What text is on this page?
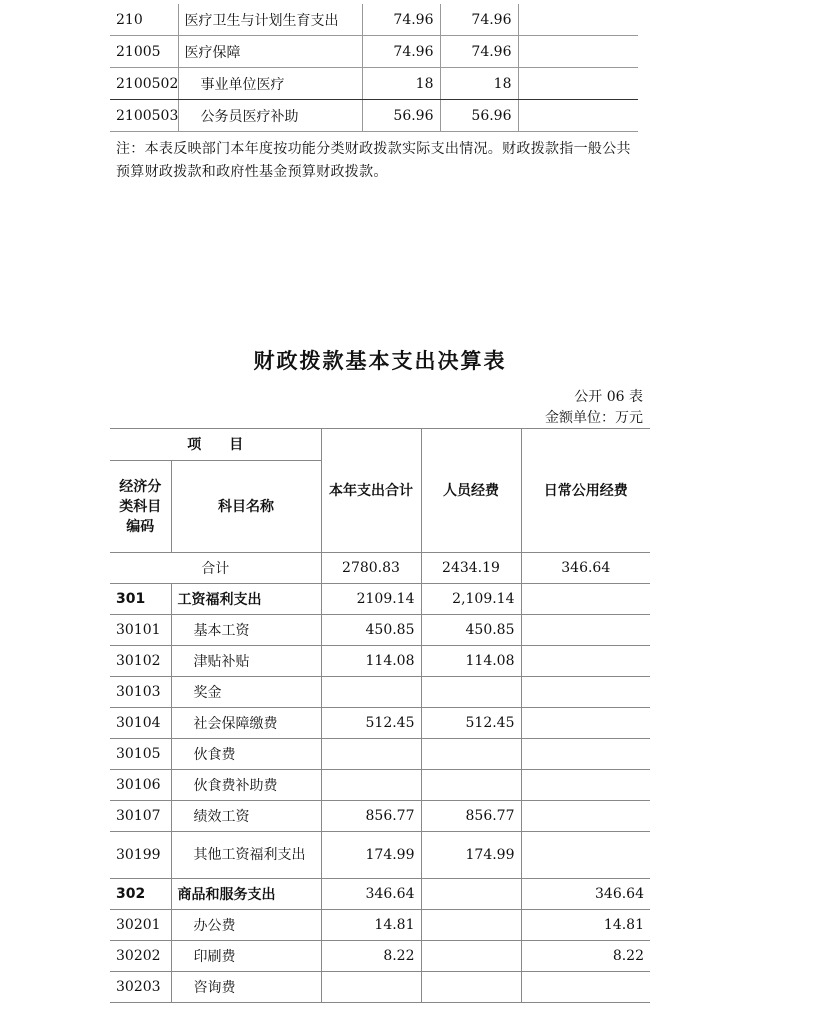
210	医疗卫生与计划生育支出	74.96	74.96	
21005	医疗保障	74.96	74.96	
2100502	事业单位医疗	18	18	
2100503	公务员医疗补助	56.96	56.96	
注：本表反映部门本年度按功能分类财政拨款实际支出情况。财政拨款指一般公共预算财政拨款和政府性基金预算财政拨款。
财政拨款基本支出决算表
公开 06 表
金额单位：万元
项　　目		本年支出合计	人员经费	日常公用经费
经济分类科目编码	科目名称			
合计		2780.83	2434.19	346.64
301	工资福利支出	2109.14	2,109.14	
30101	基本工资	450.85	450.85	
30102	津贴补贴	114.08	114.08	
30103	奖金			
30104	社会保障缴费	512.45	512.45	
30105	伙食费			
30106	伙食费补助费			
30107	绩效工资	856.77	856.77	
30199	其他工资福利支出	174.99	174.99	
302	商品和服务支出	346.64		346.64
30201	办公费	14.81		14.81
30202	印刷费	8.22		8.22
30203	咨询费			
